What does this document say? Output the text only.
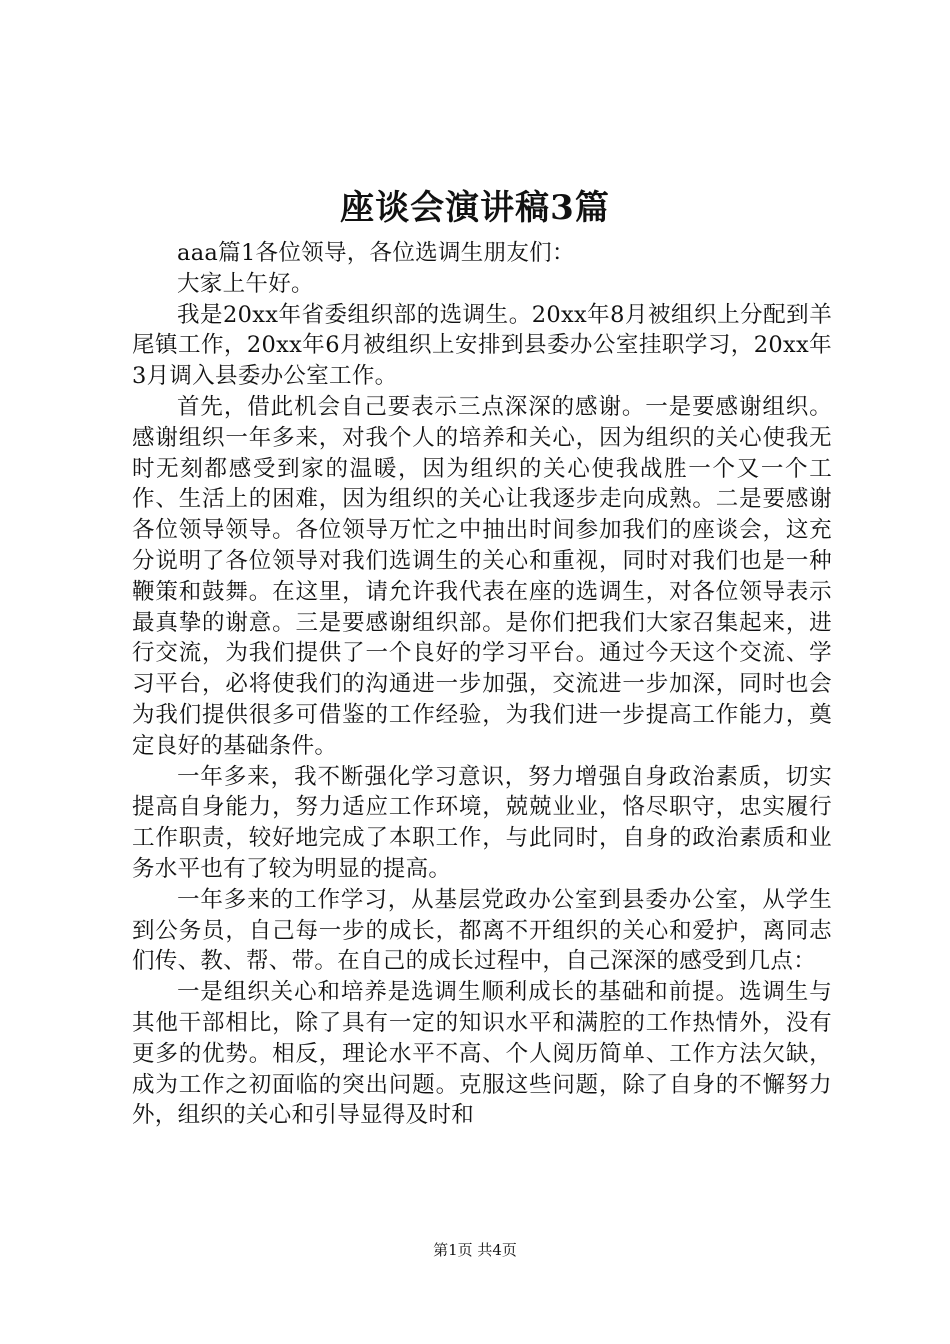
座谈会演讲稿3篇

aaa篇1各位领导，各位选调生朋友们：

大家上午好。

我是20xx年省委组织部的选调生。20xx年8月被组织上分配到羊尾镇工作，20xx年6月被组织上安排到县委办公室挂职学习，20xx年3月调入县委办公室工作。

首先，借此机会自己要表示三点深深的感谢。一是要感谢组织。感谢组织一年多来，对我个人的培养和关心，因为组织的关心使我无时无刻都感受到家的温暖，因为组织的关心使我战胜一个又一个工作、生活上的困难，因为组织的关心让我逐步走向成熟。二是要感谢各位领导领导。各位领导万忙之中抽出时间参加我们的座谈会，这充分说明了各位领导对我们选调生的关心和重视，同时对我们也是一种鞭策和鼓舞。在这里，请允许我代表在座的选调生，对各位领导表示最真挚的谢意。三是要感谢组织部。是你们把我们大家召集起来，进行交流，为我们提供了一个良好的学习平台。通过今天这个交流、学习平台，必将使我们的沟通进一步加强，交流进一步加深，同时也会为我们提供很多可借鉴的工作经验，为我们进一步提高工作能力，奠定良好的基础条件。

一年多来，我不断强化学习意识，努力增强自身政治素质，切实提高自身能力，努力适应工作环境，兢兢业业，恪尽职守，忠实履行工作职责，较好地完成了本职工作，与此同时，自身的政治素质和业务水平也有了较为明显的提高。

一年多来的工作学习，从基层党政办公室到县委办公室，从学生到公务员，自己每一步的成长，都离不开组织的关心和爱护，离同志们传、教、帮、带。在自己的成长过程中，自己深深的感受到几点：

一是组织关心和培养是选调生顺利成长的基础和前提。选调生与其他干部相比，除了具有一定的知识水平和满腔的工作热情外，没有更多的优势。相反，理论水平不高、个人阅历简单、工作方法欠缺，成为工作之初面临的突出问题。克服这些问题，除了自身的不懈努力外，组织的关心和引导显得及时和

第1页 共4页
